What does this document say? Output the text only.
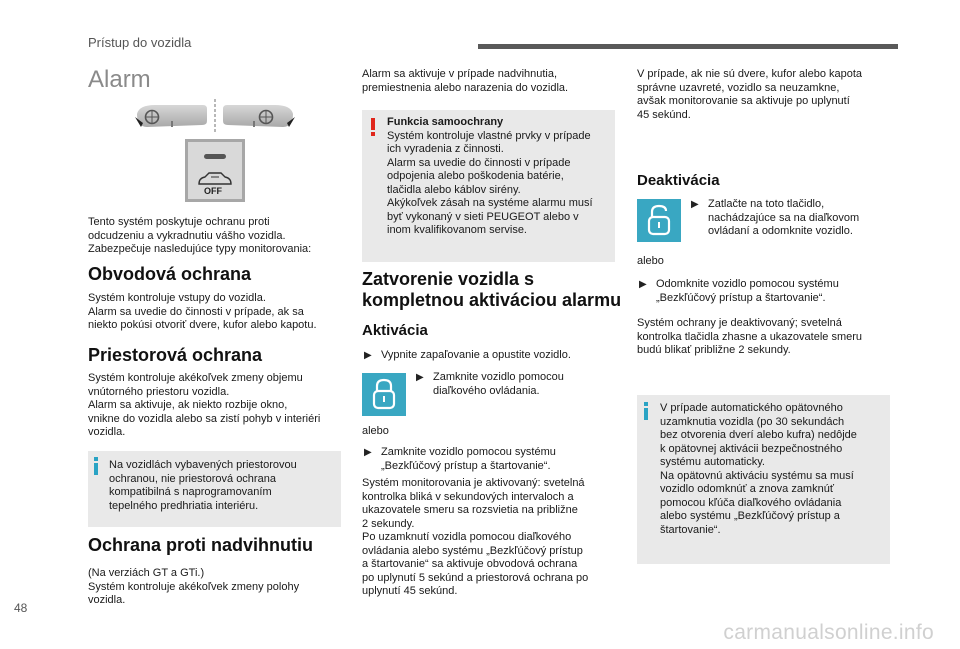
Prístup do vozidla
Alarm
OFF
Tento systém poskytuje ochranu proti
odcudzeniu a vykradnutiu vášho vozidla.
Zabezpečuje nasledujúce typy monitorovania:
Obvodová ochrana
Systém kontroluje vstupy do vozidla.
Alarm sa uvedie do činnosti v prípade, ak sa
niekto pokúsi otvoriť dvere, kufor alebo kapotu.
Priestorová ochrana
Systém kontroluje akékoľvek zmeny objemu
vnútorného priestoru vozidla.
Alarm sa aktivuje, ak niekto rozbije okno,
vnikne do vozidla alebo sa zistí pohyb v interiéri
vozidla.
Na vozidlách vybavených priestorovou
ochranou, nie priestorová ochrana
kompatibilná s naprogramovaním
tepelného predhriatia interiéru.
Ochrana proti nadvihnutiu
(Na verziách GT a GTi.)
Systém kontroluje akékoľvek zmeny polohy
vozidla.
Alarm sa aktivuje v prípade nadvihnutia,
premiestnenia alebo narazenia do vozidla.
Funkcia samoochrany
Systém kontroluje vlastné prvky v prípade
ich vyradenia z činnosti.
Alarm sa uvedie do činnosti v prípade
odpojenia alebo poškodenia batérie,
tlačidla alebo káblov sirény.
Akýkoľvek zásah na systéme alarmu musí
byť vykonaný v sieti PEUGEOT alebo v
inom kvalifikovanom servise.
Zatvorenie vozidla s
kompletnou aktiváciou alarmu
Aktivácia
▶ Vypnite zapaľovanie a opustite vozidlo.
▶ Zamknite vozidlo pomocou
diaľkového ovládania.
alebo
▶ Zamknite vozidlo pomocou systému
„Bezkľúčový prístup a štartovanie“.
Systém monitorovania je aktivovaný: svetelná
kontrolka bliká v sekundových intervaloch a
ukazovatele smeru sa rozsvietia na približne
2 sekundy.
Po uzamknutí vozidla pomocou diaľkového
ovládania alebo systému „Bezkľúčový prístup
a štartovanie“ sa aktivuje obvodová ochrana
po uplynutí 5 sekúnd a priestorová ochrana po
uplynutí 45 sekúnd.
V prípade, ak nie sú dvere, kufor alebo kapota
správne uzavreté, vozidlo sa neuzamkne,
avšak monitorovanie sa aktivuje po uplynutí
45 sekúnd.
Deaktivácia
▶ Zatlačte na toto tlačidlo,
nachádzajúce sa na diaľkovom
ovládaní a odomknite vozidlo.
alebo
▶ Odomknite vozidlo pomocou systému
„Bezkľúčový prístup a štartovanie“.
Systém ochrany je deaktivovaný; svetelná
kontrolka tlačidla zhasne a ukazovatele smeru
budú blikať približne 2 sekundy.
V prípade automatického opätovného
uzamknutia vozidla (po 30 sekundách
bez otvorenia dverí alebo kufra) nedôjde
k opätovnej aktivácii bezpečnostného
systému automaticky.
Na opätovnú aktiváciu systému sa musí
vozidlo odomknúť a znova zamknúť
pomocou kľúča diaľkového ovládania
alebo systému „Bezkľúčový prístup a
štartovanie“.
48
carmanualsonline.info
